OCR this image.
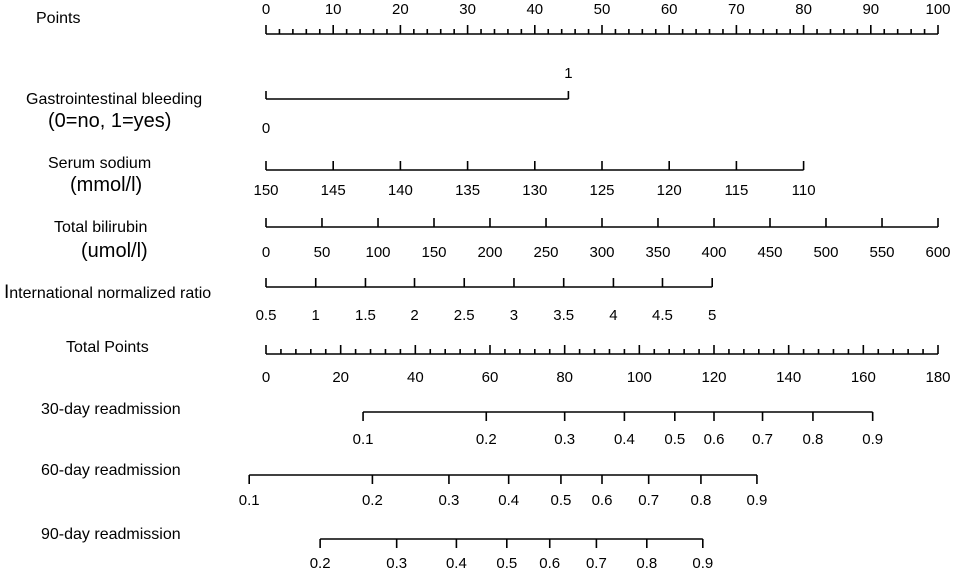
Points
0	10	20	30	40	50	60	70	80	90	100
Gastrointestinal bleeding
(0=no, 1=yes)	0
1
Serum sodium
(mmol/l)	150	145	140	135	130	125	120	115	110
Total bilirubin
(umol/l)	0	50 100 150 200 250 300 350 400 450 500 550 600
International normalized ratio
0.5 1 1.5 2 2.5 3 3.5 4 4.5 5
Total Points
0	20	40	60	80	100	120	140	160	180
30-day readmission
0.1	0.2	0.3	0.4 0.5 0.6 0.7 0.8	0.9
60-day readmission
0.1	0.2	0.3	0.4 0.5 0.6 0.7 0.8 0.9
90-day readmission
0.2	0.3	0.4 0.5 0.6 0.7 0.8 0.9
